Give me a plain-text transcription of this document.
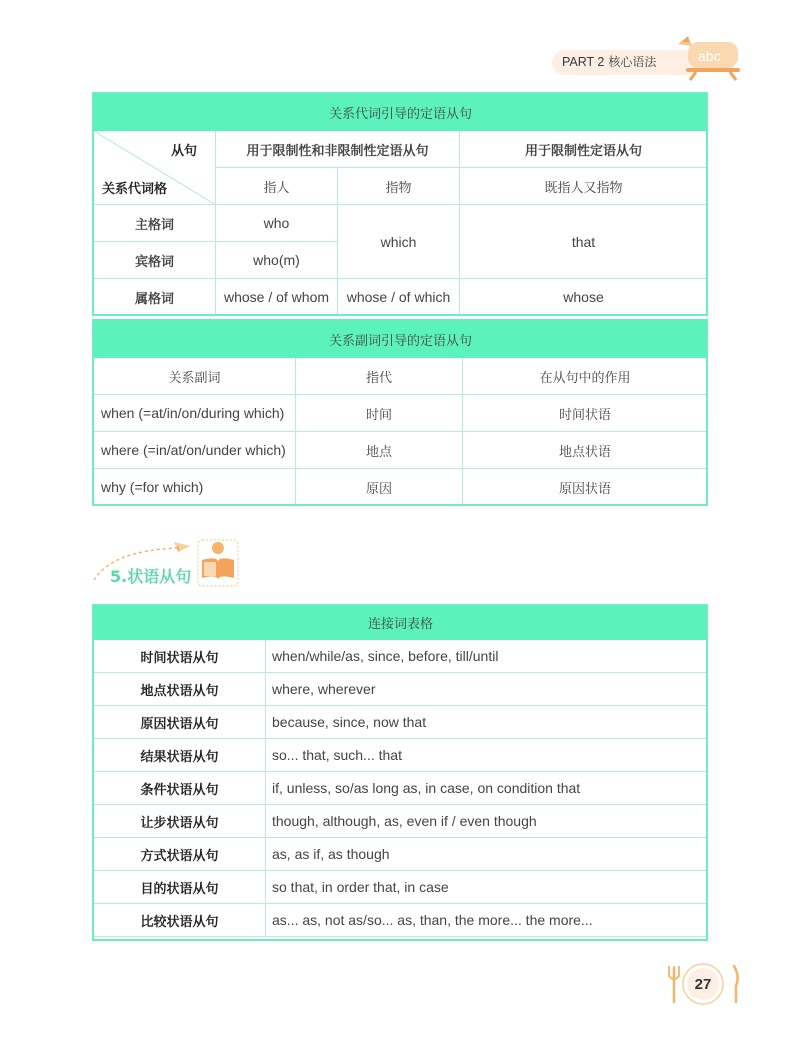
PART 2 核心语法	abc
关系代词引导的定语从句			

从句
关系代词格	用于限制性和非限制性定语从句		用于限制性定语从句
	指人	指物	既指人又指物
主格词	who	which	that
宾格词	who(m)		
属格词	whose / of whom	whose / of which	whose
关系副词引导的定语从句		
关系副词	指代	在从句中的作用
when (=at/in/on/during which)	时间	时间状语
where (=in/at/on/under which)	地点	地点状语
why (=for which)	原因	原因状语
5.状语从句
连接词表格	
时间状语从句	when/while/as, since, before, till/until
地点状语从句	where, wherever
原因状语从句	because, since, now that
结果状语从句	so... that, such... that
条件状语从句	if, unless, so/as long as, in case, on condition that
让步状语从句	though, although, as, even if / even though
方式状语从句	as, as if, as though
目的状语从句	so that, in order that, in case
比较状语从句	as... as, not as/so... as, than, the more... the more...
27
